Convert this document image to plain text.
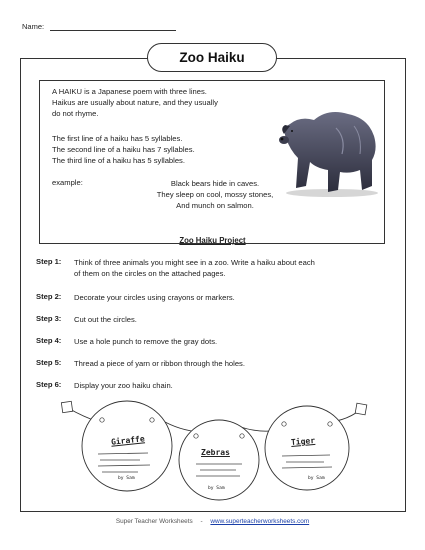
Name:
Zoo Haiku
A HAIKU is a Japanese poem with three lines.
Haikus are usually about nature, and they usually
do not rhyme.
The first line of a haiku has 5 syllables.
The second line of a haiku has 7 syllables.
The third line of a haiku has 5 syllables.
example:	Black bears hide in caves.
They sleep on cool, mossy stones,
And munch on salmon.
Zoo Haiku Project
Step 1: Think of three animals you might see in a zoo. Write a haiku about each
of them on the circles on the attached pages.
Step 2: Decorate your circles using crayons or markers.
Step 3: Cut out the circles.
Step 4: Use a hole punch to remove the gray dots.
Step 5: Thread a piece of yarn or ribbon through the holes.
Step 6: Display your zoo haiku chain.
Giraffe
by Sam
Zebras
by Sam
Tiger
by Sam
Super Teacher Worksheets - www.superteacherworksheets.com
